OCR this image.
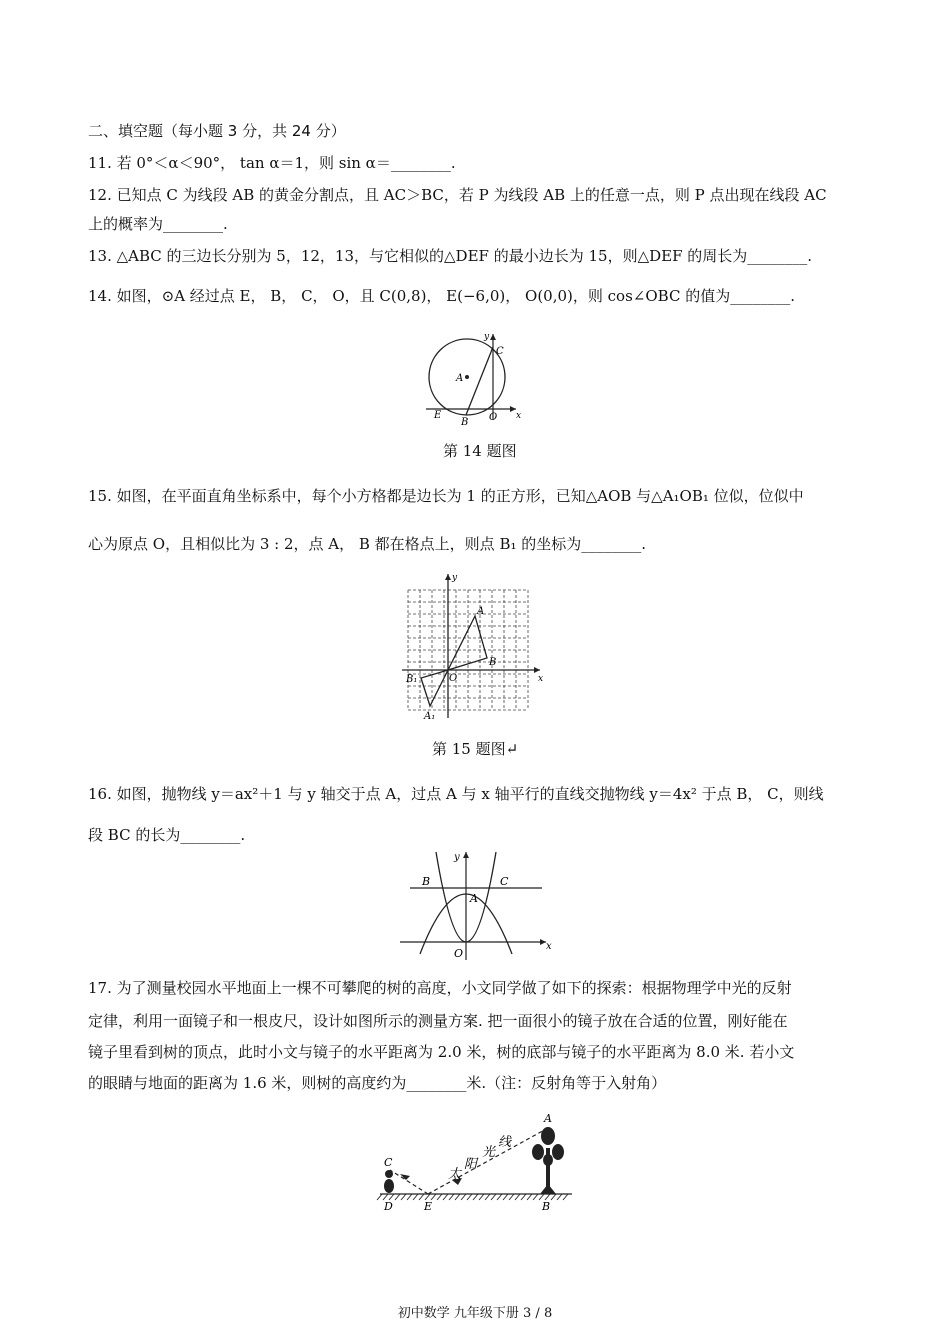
二、填空题（每小题 3 分，共 24 分）
11. 若 0°＜α＜90°， tan α＝1，则 sin α＝________.
12. 已知点 C 为线段 AB 的黄金分割点，且 AC＞BC，若 P 为线段 AB 上的任意一点，则 P 点出现在线段 AC
上的概率为________.
13. △ABC 的三边长分别为 5，12，13，与它相似的△DEF 的最小边长为 15，则△DEF 的周长为________.
14. 如图，⊙A 经过点 E， B， C， O，且 C(0,8)， E(−6,0)， O(0,0)，则 cos∠OBC 的值为________.
A
C
E
B O x
y
第 14 题图
15. 如图，在平面直角坐标系中，每个小方格都是边长为 1 的正方形，已知△AOB 与△A₁OB₁ 位似，位似中
心为原点 O，且相似比为 3 : 2，点 A， B 都在格点上，则点 B₁ 的坐标为________.
A
B
O
A₁
B₁	x
y
第 15 题图↵
16. 如图，抛物线 y＝ax²＋1 与 y 轴交于点 A，过点 A 与 x 轴平行的直线交抛物线 y＝4x² 于点 B， C，则线
段 BC 的长为________.
B	C
A
O
x
y
17. 为了测量校园水平地面上一棵不可攀爬的树的高度，小文同学做了如下的探索：根据物理学中光的反射
定律，利用一面镜子和一根皮尺，设计如图所示的测量方案. 把一面很小的镜子放在合适的位置，刚好能在
镜子里看到树的顶点，此时小文与镜子的水平距离为 2.0 米，树的底部与镜子的水平距离为 8.0 米. 若小文
的眼睛与地面的距离为 1.6 米，则树的高度约为________米.（注：反射角等于入射角）
A
B
C
D	E
太
阳
光
线
初中数学 九年级下册 3 / 8
